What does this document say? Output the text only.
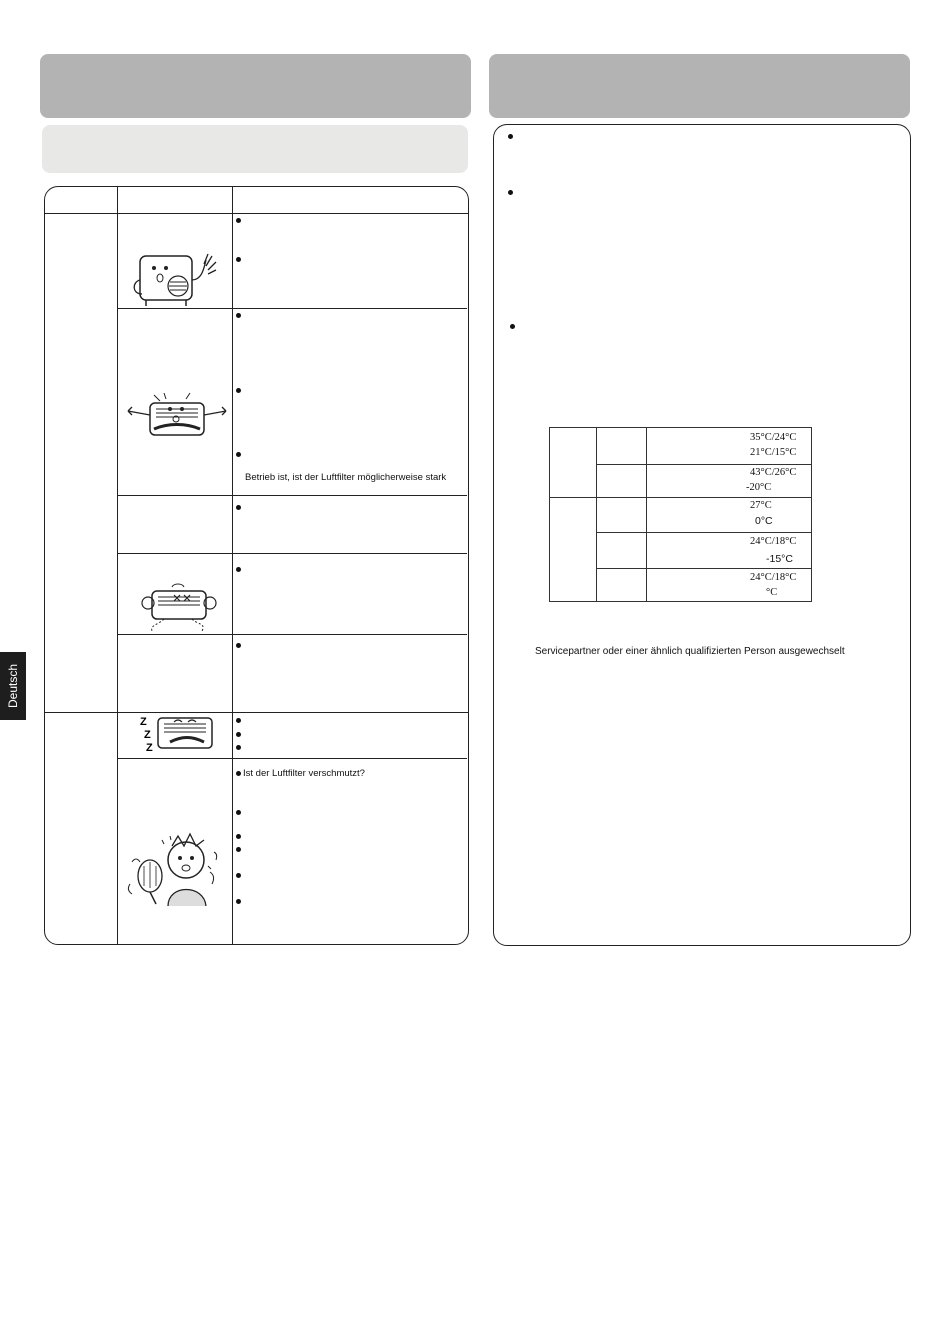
Deutsch
Betrieb ist, ist der Luftfilter möglicherweise stark
Ist der Luftfilter verschmutzt?
Z
Z
Z
35°C/24°C
21°C/15°C
43°C/26°C
-20°C
27°C
0°C
24°C/18°C
-15°C
24°C/18°C
°C
Servicepartner oder einer ähnlich qualifizierten Person ausgewechselt
